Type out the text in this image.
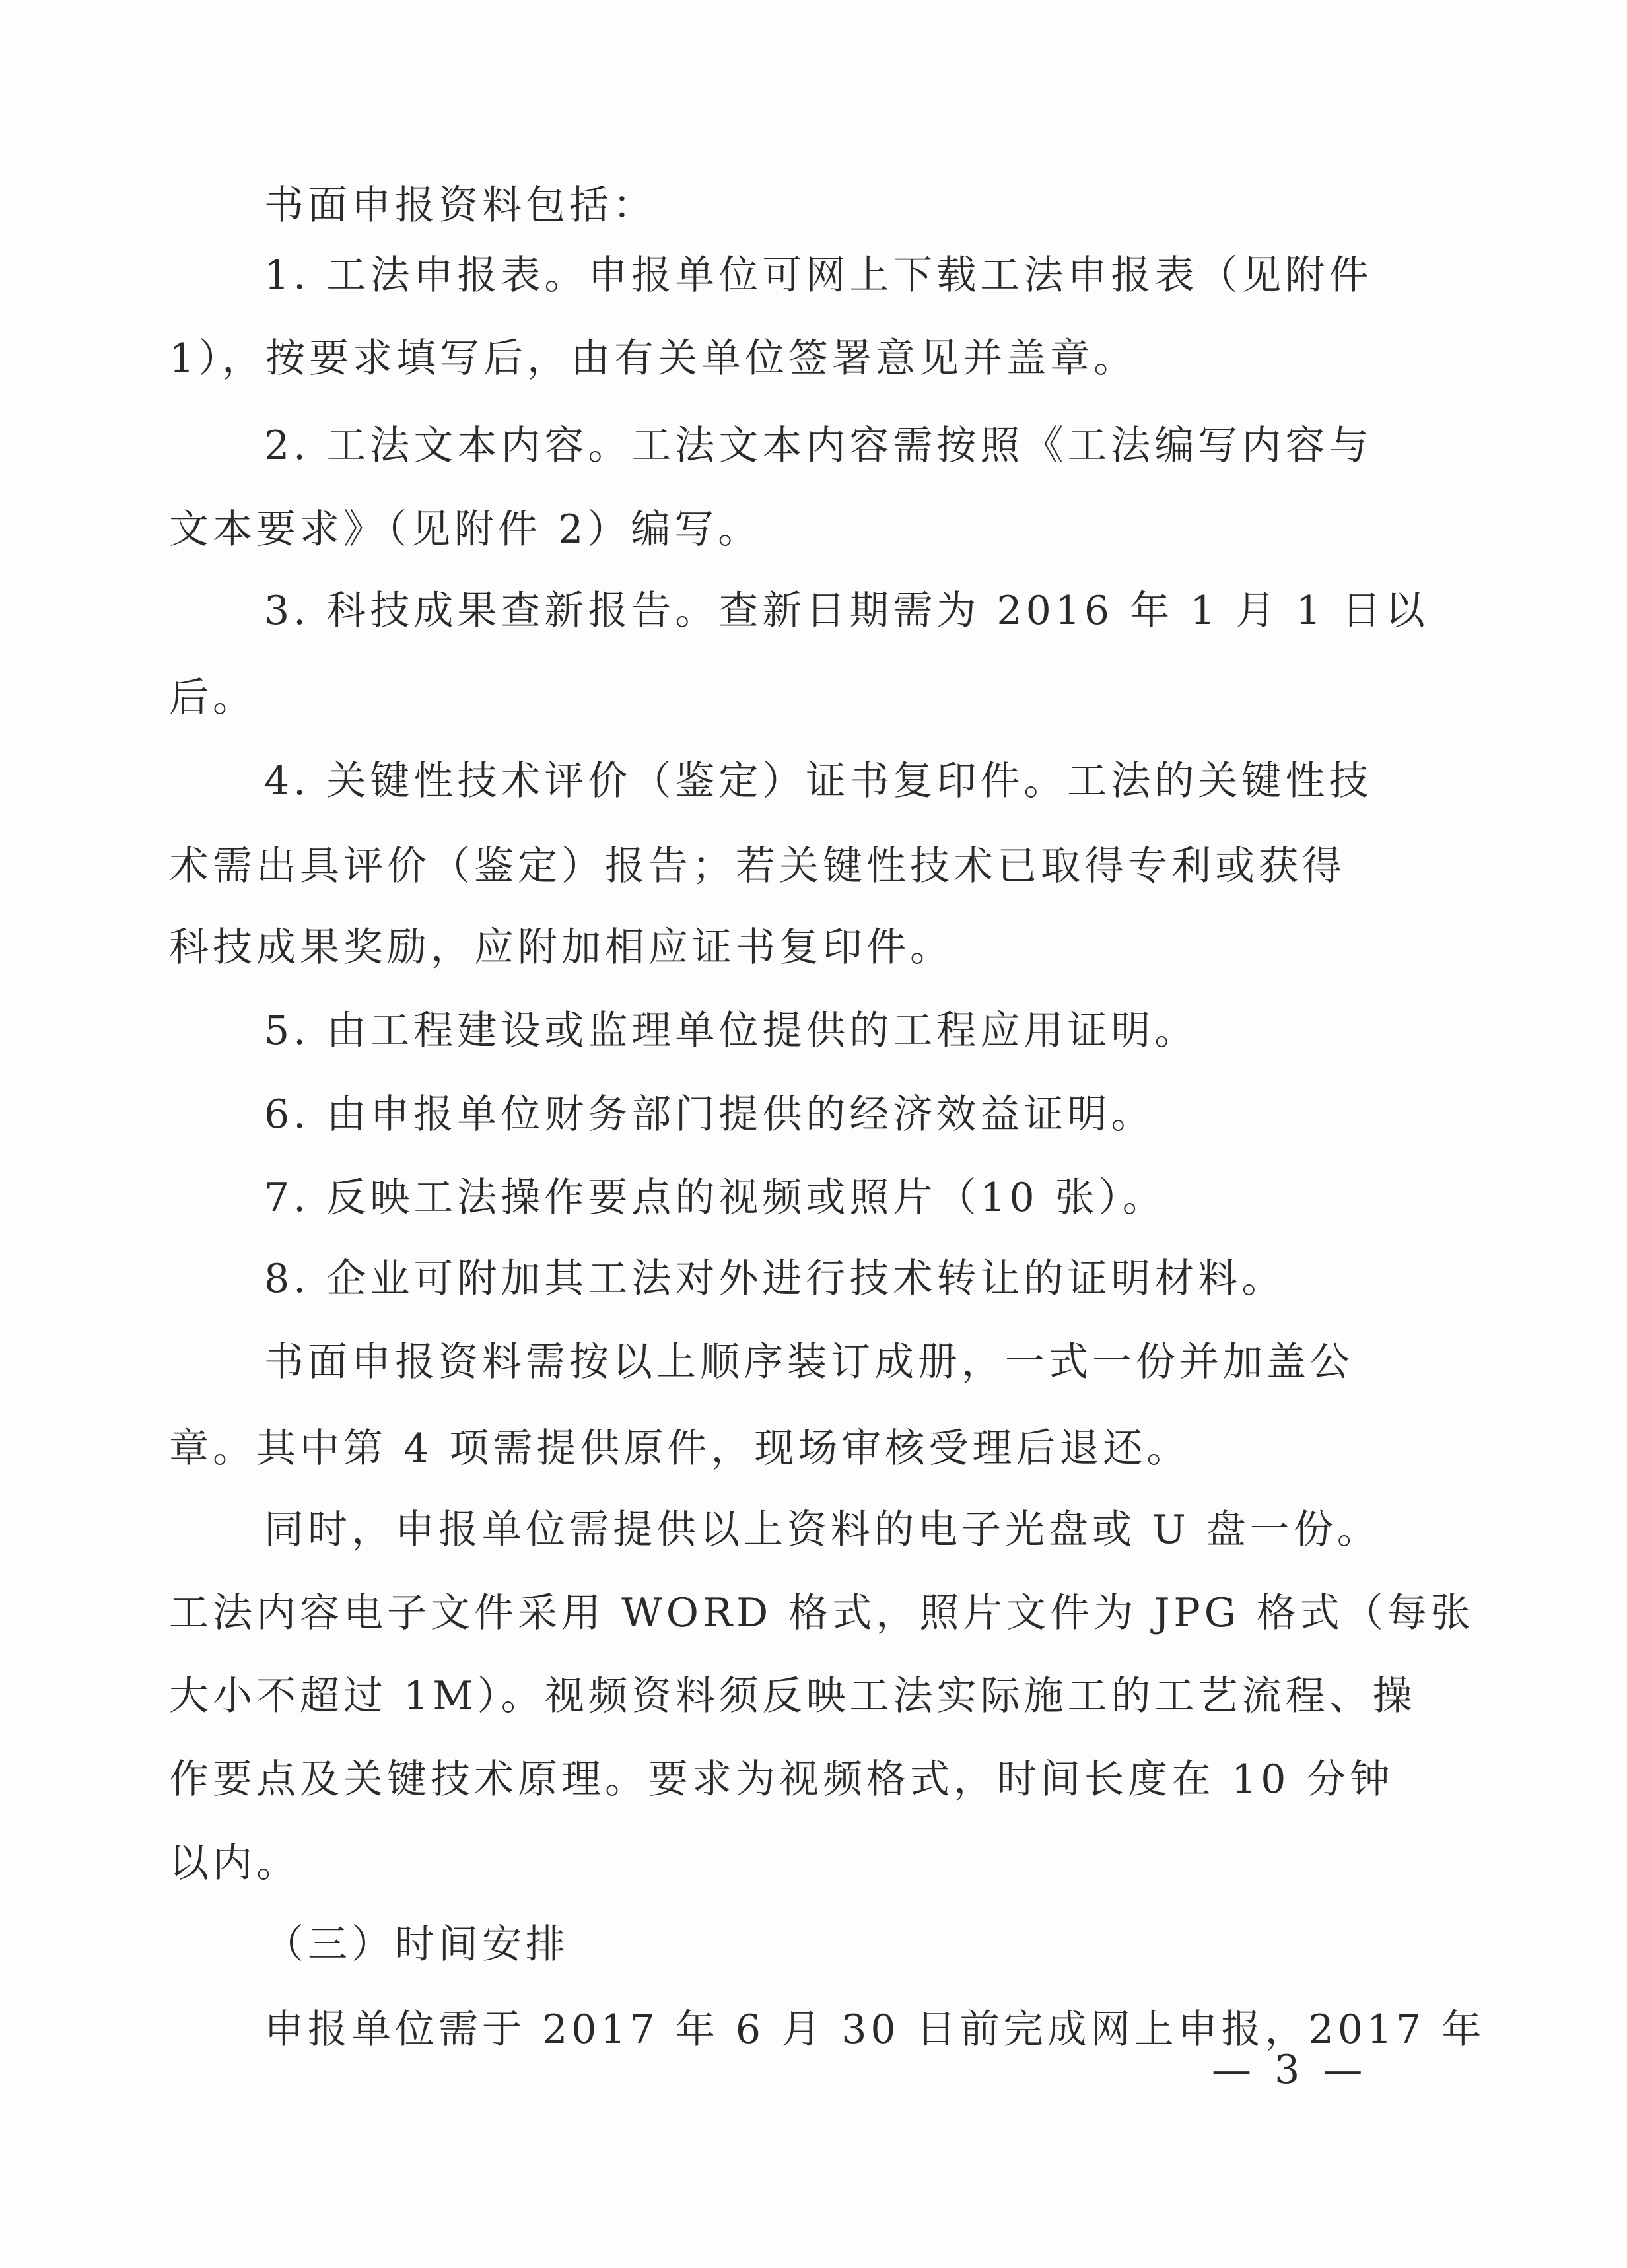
书面申报资料包括：
1. 工法申报表。申报单位可网上下载工法申报表（见附件
1），按要求填写后，由有关单位签署意见并盖章。
2. 工法文本内容。工法文本内容需按照《工法编写内容与
文本要求》（见附件 2）编写。
3. 科技成果查新报告。查新日期需为 2016 年 1 月 1 日以
后。
4. 关键性技术评价（鉴定）证书复印件。工法的关键性技
术需出具评价（鉴定）报告；若关键性技术已取得专利或获得
科技成果奖励，应附加相应证书复印件。
5. 由工程建设或监理单位提供的工程应用证明。
6. 由申报单位财务部门提供的经济效益证明。
7. 反映工法操作要点的视频或照片（10 张）。
8. 企业可附加其工法对外进行技术转让的证明材料。
书面申报资料需按以上顺序装订成册，一式一份并加盖公
章。其中第 4 项需提供原件，现场审核受理后退还。
同时，申报单位需提供以上资料的电子光盘或 U 盘一份。
工法内容电子文件采用 WORD 格式，照片文件为 JPG 格式（每张
大小不超过 1M）。视频资料须反映工法实际施工的工艺流程、操
作要点及关键技术原理。要求为视频格式，时间长度在 10 分钟
以内。
（三）时间安排
申报单位需于 2017 年 6 月 30 日前完成网上申报，2017 年
— 3 —
